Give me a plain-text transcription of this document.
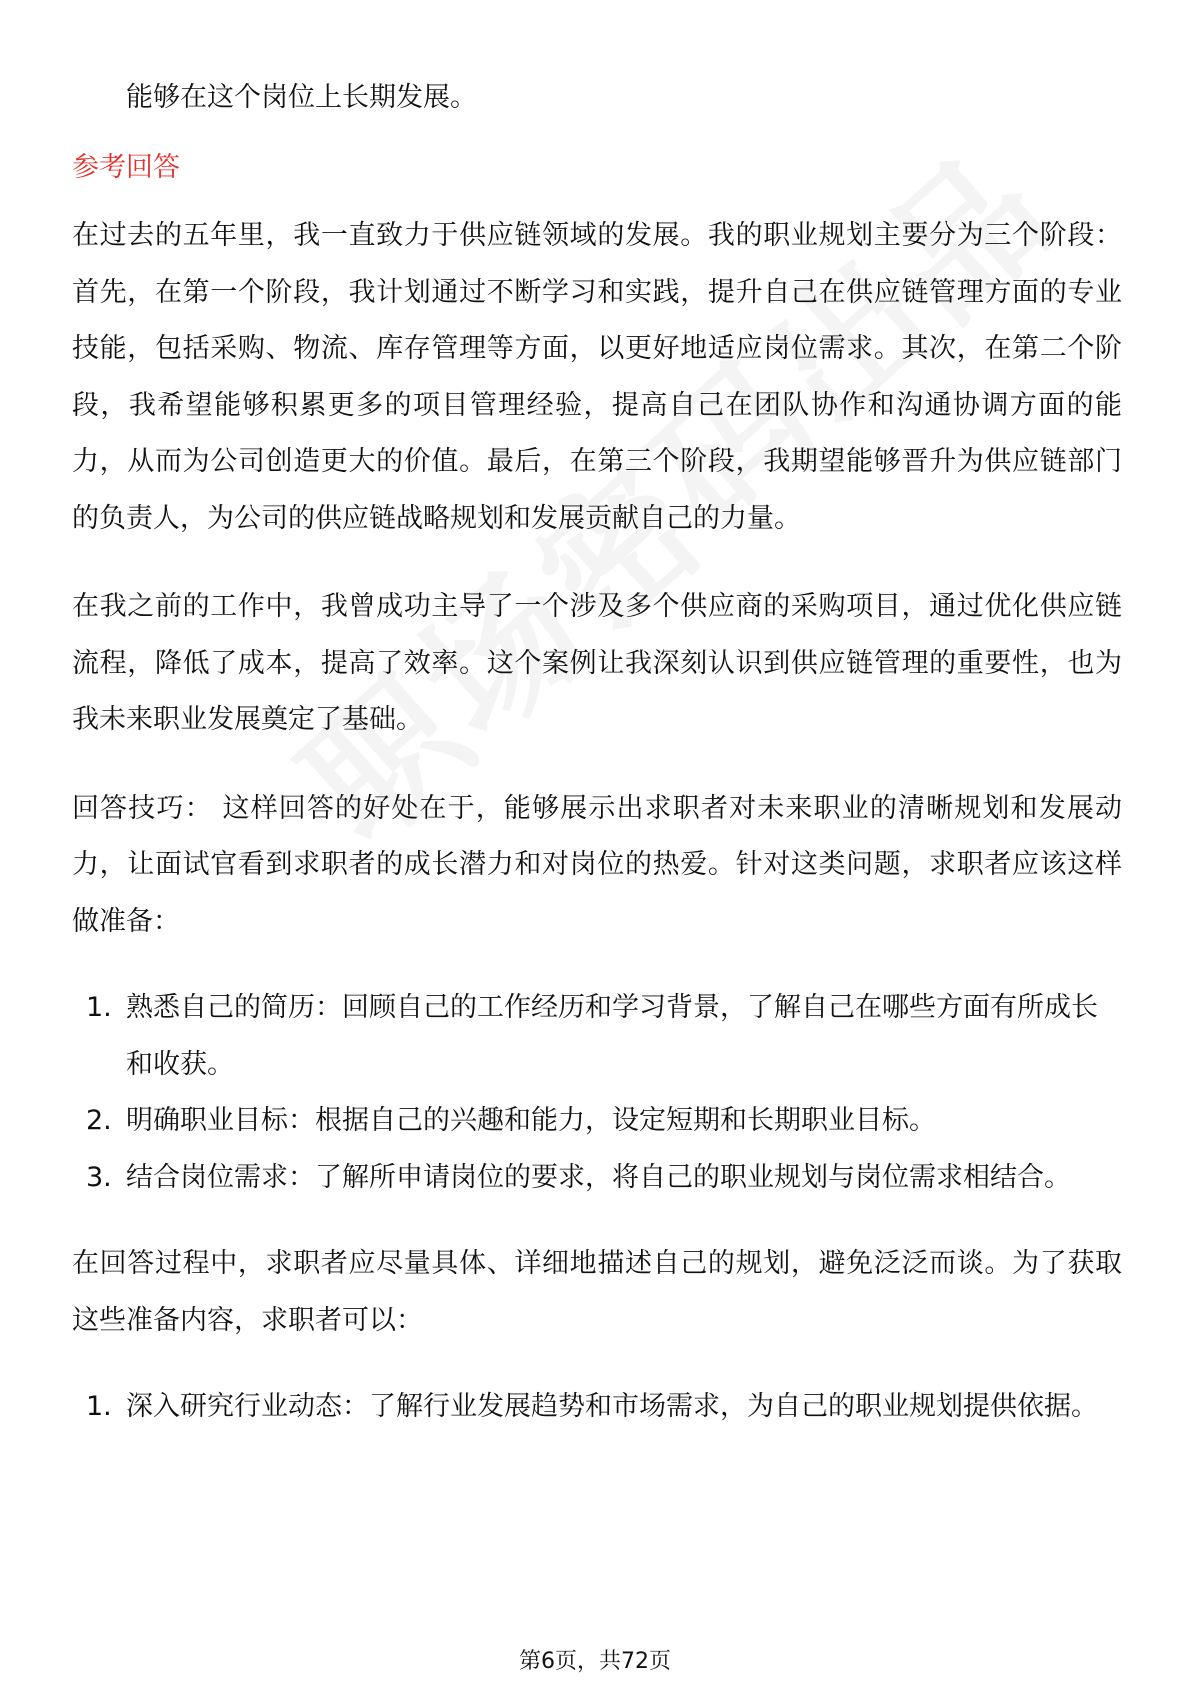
能够在这个岗位上长期发展。
参考回答

在过去的五年里，我一直致力于供应链领域的发展。我的职业规划主要分为三个阶段：首先，在第一个阶段，我计划通过不断学习和实践，提升自己在供应链管理方面的专业技能，包括采购、物流、库存管理等方面，以更好地适应岗位需求。其次，在第二个阶段，我希望能够积累更多的项目管理经验，提高自己在团队协作和沟通协调方面的能力，从而为公司创造更大的价值。最后，在第三个阶段，我期望能够晋升为供应链部门的负责人，为公司的供应链战略规划和发展贡献自己的力量。

在我之前的工作中，我曾成功主导了一个涉及多个供应商的采购项目，通过优化供应链流程，降低了成本，提高了效率。这个案例让我深刻认识到供应链管理的重要性，也为我未来职业发展奠定了基础。

回答技巧： 这样回答的好处在于，能够展示出求职者对未来职业的清晰规划和发展动力，让面试官看到求职者的成长潜力和对岗位的热爱。针对这类问题，求职者应该这样做准备：

1. 熟悉自己的简历：回顾自己的工作经历和学习背景，了解自己在哪些方面有所成长和收获。
2. 明确职业目标：根据自己的兴趣和能力，设定短期和长期职业目标。
3. 结合岗位需求：了解所申请岗位的要求，将自己的职业规划与岗位需求相结合。

在回答过程中，求职者应尽量具体、详细地描述自己的规划，避免泛泛而谈。为了获取这些准备内容，求职者可以：

1. 深入研究行业动态：了解行业发展趋势和市场需求，为自己的职业规划提供依据。
第6页，共72页
